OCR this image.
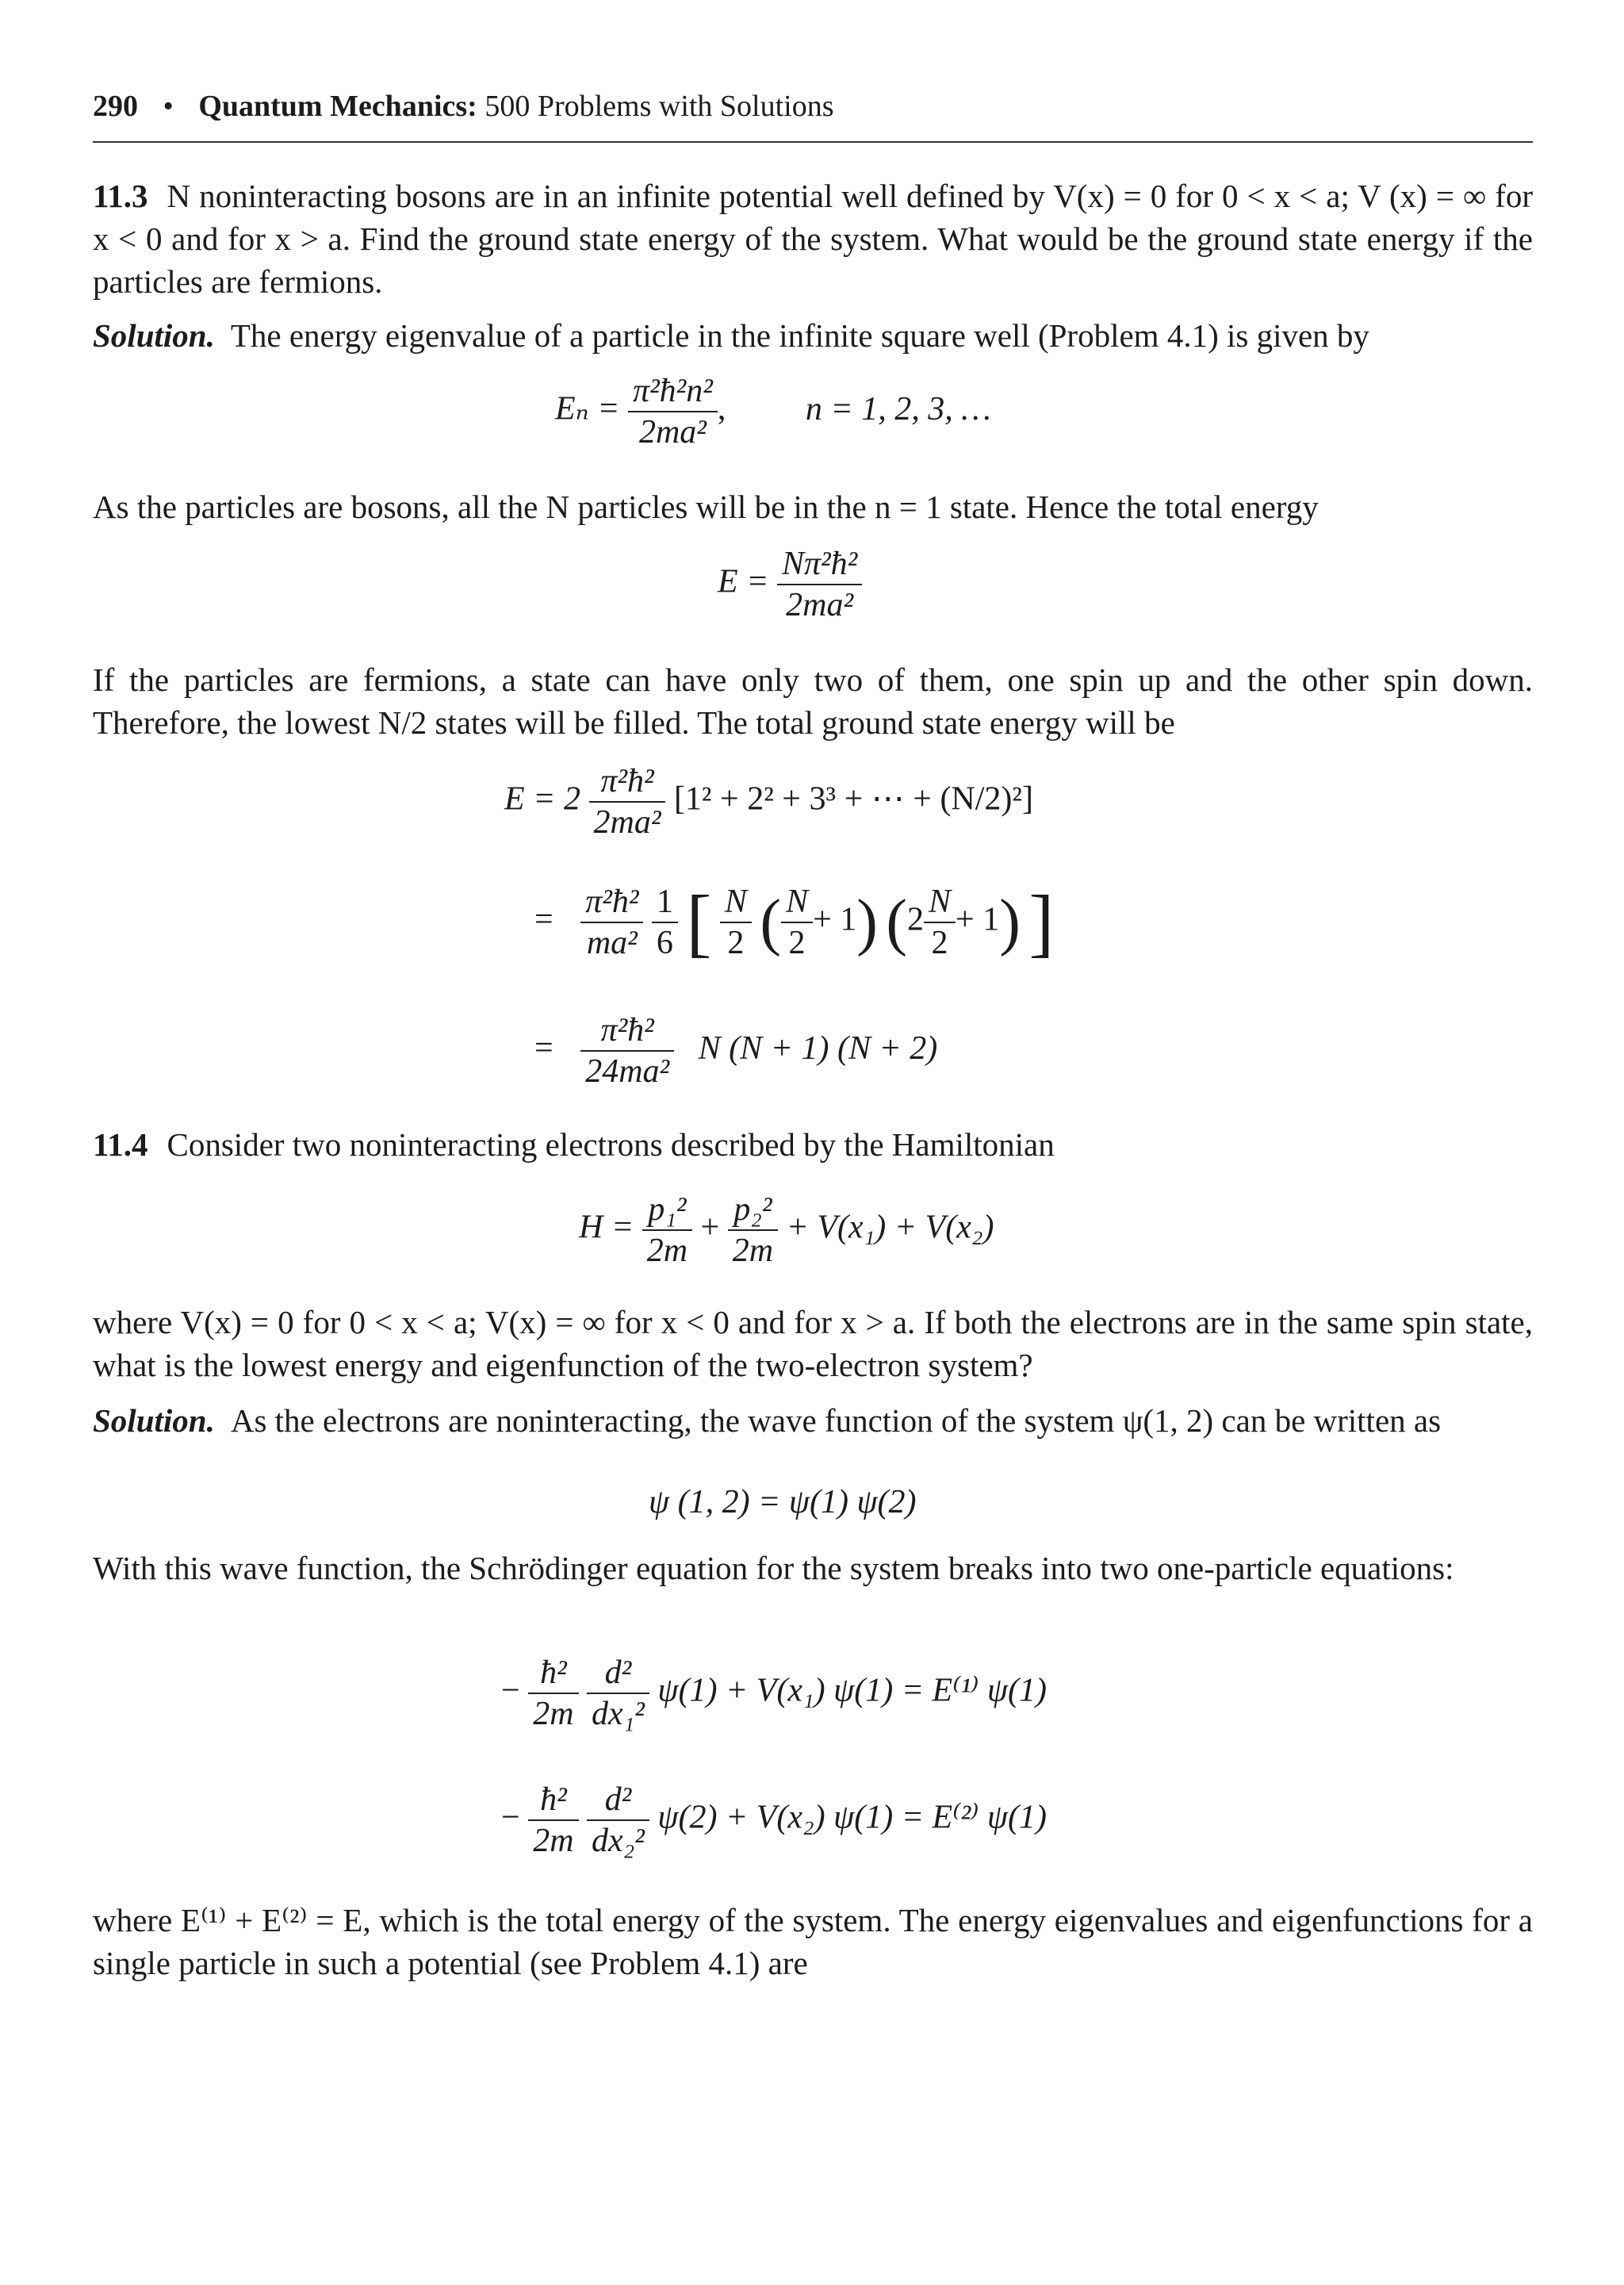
290 • Quantum Mechanics: 500 Problems with Solutions
11.3 N noninteracting bosons are in an infinite potential well defined by V(x) = 0 for 0 < x < a; V (x) = ∞ for x < 0 and for x > a. Find the ground state energy of the system. What would be the ground state energy if the particles are fermions.
Solution. The energy eigenvalue of a particle in the infinite square well (Problem 4.1) is given by
$E_n = \frac{\text{π²ħ²n²}}{\text{2ma²}}$ , n = 1, 2, 3, …
As the particles are bosons, all the N particles will be in the n = 1 state. Hence the total energy
$E = \frac{\text{Nπ²ħ²}}{\text{2ma²}}$
If the particles are fermions, a state can have only two of them, one spin up and the other spin down. Therefore, the lowest N/2 states will be filled. The total ground state energy will be
$E = 2 \frac{\text{π²ħ²}}{\text{2ma²}} [1^2 + 2^2 + 3^3$ + ⋯ + (N/2)²]
= $\frac{\text{π²ħ²}}{\text{ma²}}$
$\frac{1}{6}$ [ $\frac{N}{2}$ ( $\frac{N}{2} + 1$) $(2 \frac{N}{2} + 1)$ ]
= $\frac{\text{π²ħ²}}{\text{24ma²}}$ N (N + 1) (N + 2)
11.4 Consider two noninteracting electrons described by the Hamiltonian
$H = \frac{\text{p₁²}}{2m} + \frac{\text{p₂²}}{2m} + V(x_1) + V(x_2)$
where V(x) = 0 for 0 < x < a; V(x) = ∞ for x < 0 and for x > a. If both the electrons are in the same spin state, what is the lowest energy and eigenfunction of the two-electron system?
Solution. As the electrons are noninteracting, the wave function of the system ψ(1, 2) can be written as
ψ (1, 2) = ψ(1) ψ(2)
With this wave function, the Schrödinger equation for the system breaks into two one-particle equations:
− $\frac{\text{ħ²}}{2m}$
$\frac{\text{d²}}{\text{dx₁²}} \psi(1) + V(x_1) \psi(1) = E^{(1)}$ ψ(1)
− $\frac{\text{ħ²}}{2m}$
$\frac{\text{d²}}{\text{dx₂²}} \psi(2) + V(x_2) \psi(1) = E^{(2)}$ ψ(1)
where E⁽¹⁾ + E⁽²⁾ = E, which is the total energy of the system. The energy eigenvalues and eigenfunctions for a single particle in such a potential (see Problem 4.1) are
